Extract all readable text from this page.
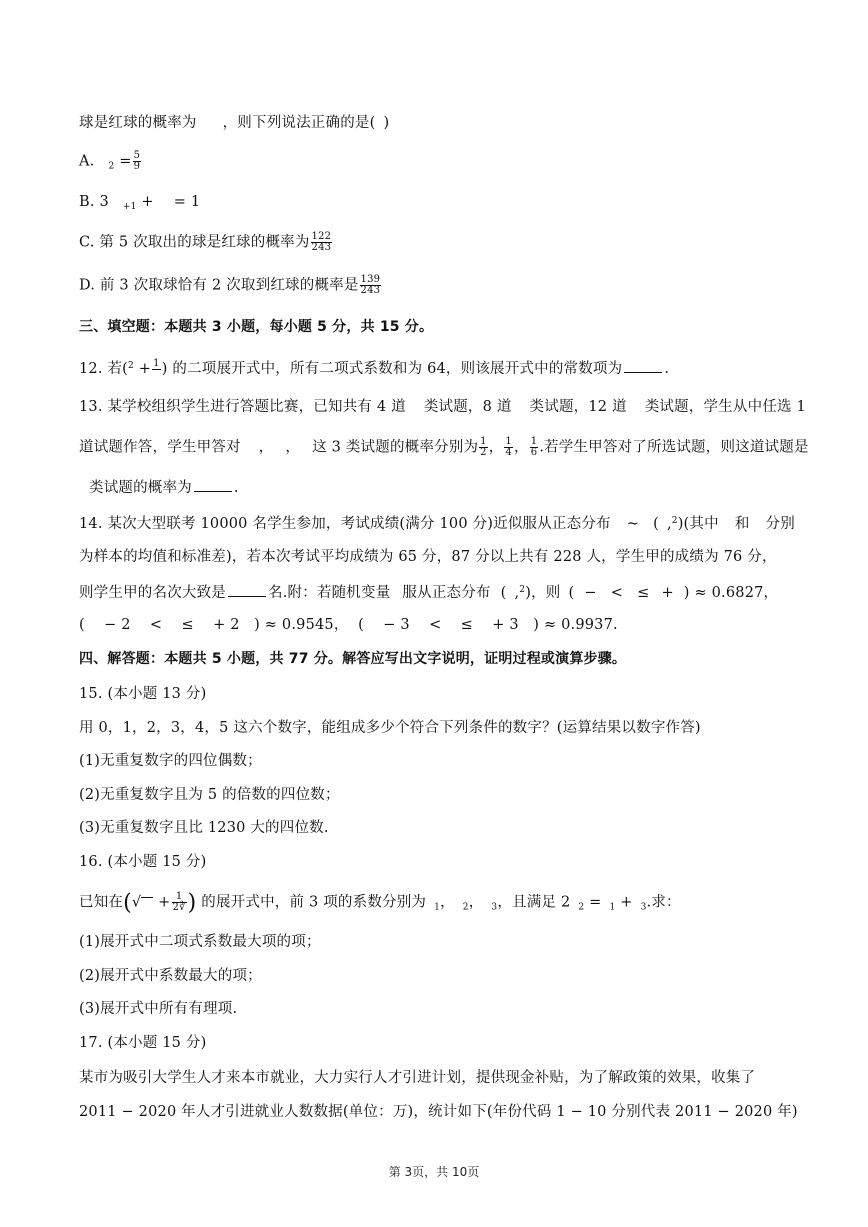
球是红球的概率为 ，则下列说法正确的是( )
A. $_2 = \frac{5}{9}$
B. 3 $_{+1}$ + = 1
C. 第 5 次取出的球是红球的概率为 $\frac{122}{243}$
D. 前 3 次取球恰有 2 次取到红球的概率是 $\frac{139}{243}$
三、填空题：本题共 3 小题，每小题 5 分，共 15 分。
12. 若($^2$ + 1
) 的二项展开式中，所有二项式系数和为 64，则该展开式中的常数项为	.
13. 某学校组织学生进行答题比赛，已知共有 4 道 类试题，8 道 类试题，12 道 类试题，学生从中任选 1
道试题作答，学生甲答对 ， ， 这 3 类试题的概率分别为 $\frac{1}{2}$ ， $\frac{1}{4}$ ， $\frac{1}{6}$ .若学生甲答对了所选试题，则这道试题是
类试题的概率为	.
14. 某次大型联考 10000 名学生参加，考试成绩(满分 100 分)近似服从正态分布 ~ ( ,$^2$)(其中 和 分别
为样本的均值和标准差)，若本次考试平均成绩为 65 分，87 分以上共有 228 人，学生甲的成绩为 76 分，
则学生甲的名次大致是	名.附：若随机变量 服从正态分布 ( ,$^2$)，则 ( − < ≤ + ) ≈ 0.6827，
(    − 2    <    ≤    + 2   ) ≈ 0.9545，  (    − 3    <    ≤    + 3   ) ≈ 0.9937.
四、解答题：本题共 5 小题，共 77 分。解答应写出文字说明，证明过程或演算步骤。
15. (本小题 13 分)
用 0，1，2，3，4，5 这六个数字，能组成多少个符合下列条件的数字？(运算结果以数字作答)
(1)无重复数字的四位偶数；
(2)无重复数字且为 5 的倍数的四位数；
(3)无重复数字且比 1230 大的四位数.
16. (本小题 15 分)
已知在(√ + $\frac{1}{2∛}$ ) 的展开式中，前 3 项的系数分别为 $_1$， $_2$， $_3$，且满足 2 $_2$ = $_1$ + $_3$.求：
(1)展开式中二项式系数最大项的项；
(2)展开式中系数最大的项；
(3)展开式中所有有理项.
17. (本小题 15 分)
某市为吸引大学生人才来本市就业，大力实行人才引进计划，提供现金补贴，为了解政策的效果，收集了
2011 − 2020 年人才引进就业人数数据(单位：万)，统计如下(年份代码 1 − 10 分别代表 2011 − 2020 年)
第 3页，共 10页
